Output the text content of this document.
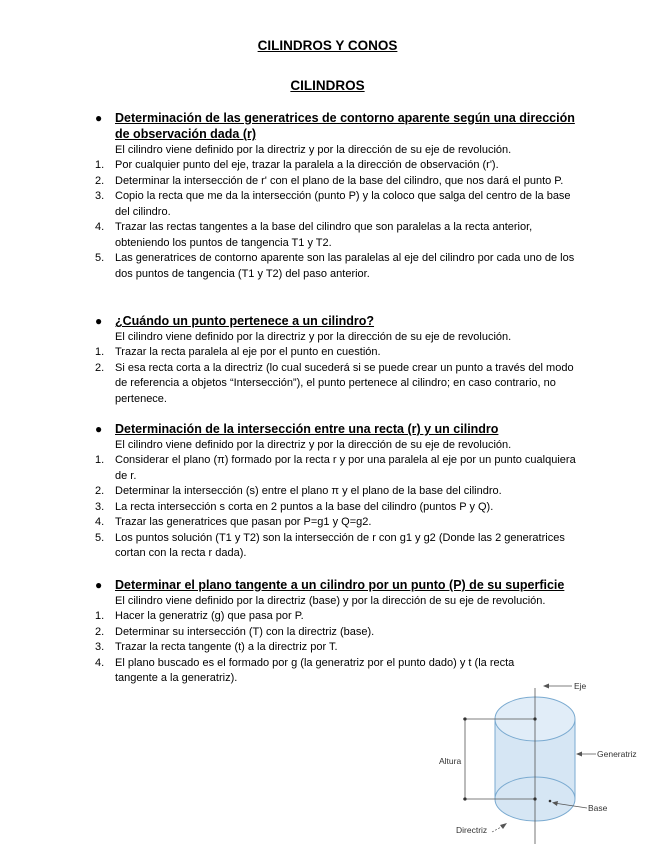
CILINDROS Y CONOS
CILINDROS
● Determinación de las generatrices de contorno aparente según una dirección de observación dada (r)
El cilindro viene definido por la directriz y por la dirección de su eje de revolución.
1. Por cualquier punto del eje, trazar la paralela a la dirección de observación (r').
2. Determinar la intersección de r' con el plano de la base del cilindro, que nos dará el punto P.
3. Copio la recta que me da la intersección (punto P) y la coloco que salga del centro de la base del cilindro.
4. Trazar las rectas tangentes a la base del cilindro que son paralelas a la recta anterior, obteniendo los puntos de tangencia T1 y T2.
5. Las generatrices de contorno aparente son las paralelas al eje del cilindro por cada uno de los dos puntos de tangencia (T1 y T2) del paso anterior.
● ¿Cuándo un punto pertenece a un cilindro?
El cilindro viene definido por la directriz y por la dirección de su eje de revolución.
1. Trazar la recta paralela al eje por el punto en cuestión.
2. Si esa recta corta a la directriz (lo cual sucederá si se puede crear un punto a través del modo de referencia a objetos “Intersección”), el punto pertenece al cilindro; en caso contrario, no pertenece.
● Determinación de la intersección entre una recta (r) y un cilindro
El cilindro viene definido por la directriz y por la dirección de su eje de revolución.
1. Considerar el plano (π) formado por la recta r y por una paralela al eje por un punto cualquiera de r.
2. Determinar la intersección (s) entre el plano π y el plano de la base del cilindro.
3. La recta intersección s corta en 2 puntos a la base del cilindro (puntos P y Q).
4. Trazar las generatrices que pasan por P=g1 y Q=g2.
5. Los puntos solución (T1 y T2) son la intersección de r con g1 y g2 (Donde las 2 generatrices cortan con la recta r dada).
● Determinar el plano tangente a un cilindro por un punto (P) de su superficie
El cilindro viene definido por la directriz (base) y por la dirección de su eje de revolución.
1. Hacer la generatriz (g) que pasa por P.
2. Determinar su intersección (T) con la directriz (base).
3. Trazar la recta tangente (t) a la directriz por T.
4. El plano buscado es el formado por g (la generatriz por el punto dado) y t (la recta tangente a la generatriz).
Eje
Generatriz
Altura
Base
Directriz
